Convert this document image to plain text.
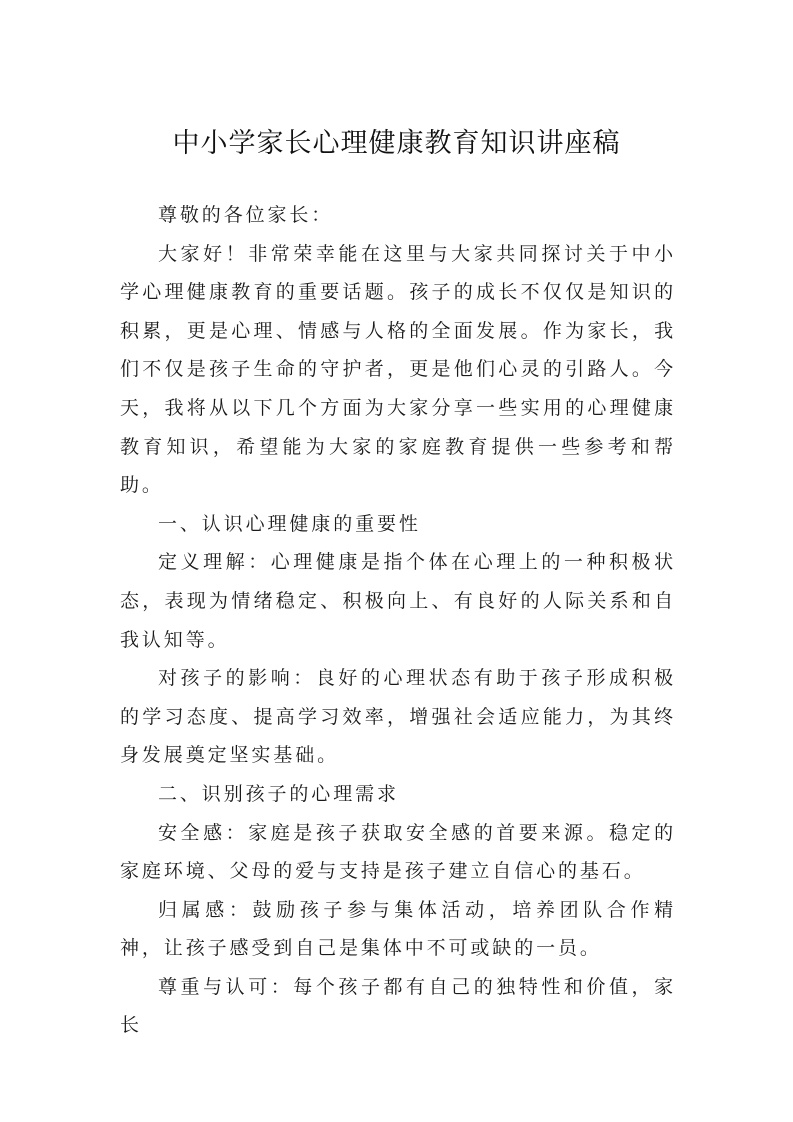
中小学家长心理健康教育知识讲座稿

尊敬的各位家长：

大家好！非常荣幸能在这里与大家共同探讨关于中小学心理健康教育的重要话题。孩子的成长不仅仅是知识的积累，更是心理、情感与人格的全面发展。作为家长，我们不仅是孩子生命的守护者，更是他们心灵的引路人。今天，我将从以下几个方面为大家分享一些实用的心理健康教育知识，希望能为大家的家庭教育提供一些参考和帮助。

一、认识心理健康的重要性

定义理解：心理健康是指个体在心理上的一种积极状态，表现为情绪稳定、积极向上、有良好的人际关系和自我认知等。

对孩子的影响：良好的心理状态有助于孩子形成积极的学习态度、提高学习效率，增强社会适应能力，为其终身发展奠定坚实基础。

二、识别孩子的心理需求

安全感：家庭是孩子获取安全感的首要来源。稳定的家庭环境、父母的爱与支持是孩子建立自信心的基石。

归属感：鼓励孩子参与集体活动，培养团队合作精神，让孩子感受到自己是集体中不可或缺的一员。

尊重与认可：每个孩子都有自己的独特性和价值，家长
